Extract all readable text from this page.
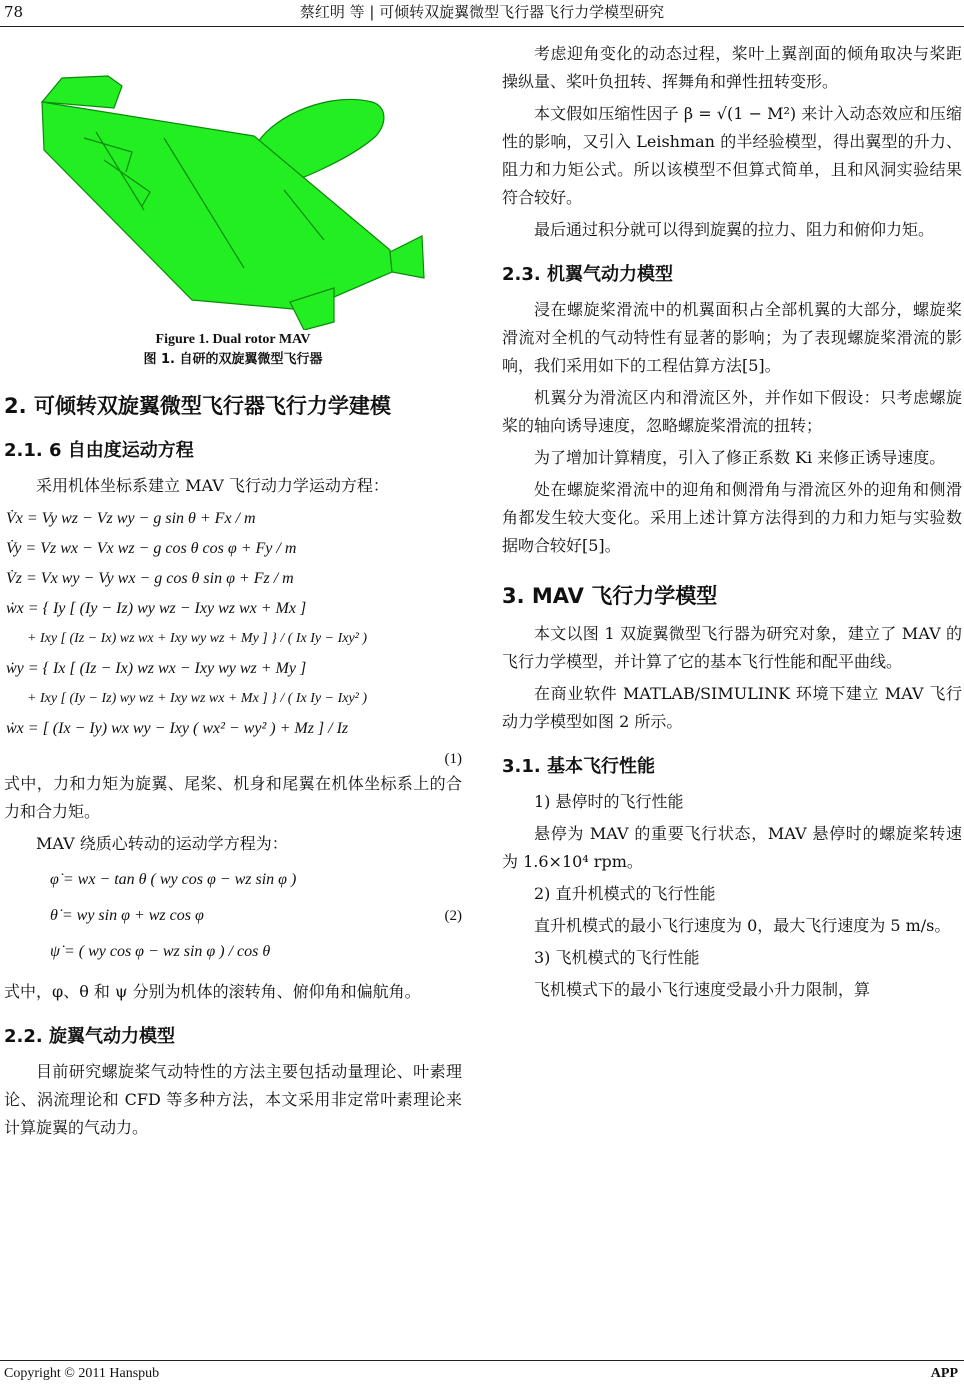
78	蔡红明 等 | 可倾转双旋翼微型飞行器飞行力学模型研究
Figure 1. Dual rotor MAV
图 1. 自研的双旋翼微型飞行器
2. 可倾转双旋翼微型飞行器飞行力学建模
2.1. 6 自由度运动方程

采用机体坐标系建立 MAV 飞行动力学运动方程：

V̇x = Vy wz − Vz wy − g sin θ + Fx / m
V̇y = Vz wx − Vx wz − g cos θ cos φ + Fy / m
V̇z = Vx wy − Vy wx − g cos θ sin φ + Fz / m
ẇx = { Iy [ (Iy − Iz) wy wz − Ixy wz wx + Mx ]
+ Ixy [ (Iz − Ix) wz wx + Ixy wy wz + My ] } / ( Ix Iy − Ixy² )
ẇy = { Ix [ (Iz − Ix) wz wx − Ixy wy wz + My ]
+ Ixy [ (Iy − Iz) wy wz + Ixy wz wx + Mx ] } / ( Ix Iy − Ixy² )
ẇx = [ (Ix − Iy) wx wy − Ixy ( wx² − wy² ) + Mz ] / Iz
(1)

式中，力和力矩为旋翼、尾桨、机身和尾翼在机体坐标系上的合力和合力矩。

MAV 绕质心转动的运动学方程为：

φ̇ = wx − tan θ ( wy cos φ − wz sin φ )
θ̇ = wy sin φ + wz cos φ
ψ̇ = ( wy cos φ − wz sin φ ) / cos θ
(2)

式中，φ、θ 和 ψ 分别为机体的滚转角、俯仰角和偏航角。

2.2. 旋翼气动力模型

目前研究螺旋桨气动特性的方法主要包括动量理论、叶素理论、涡流理论和 CFD 等多种方法，本文采用非定常叶素理论来计算旋翼的气动力。

考虑迎角变化的动态过程，桨叶上翼剖面的倾角取决与桨距操纵量、桨叶负扭转、挥舞角和弹性扭转变形。

本文假如压缩性因子 β = √(1 − M²) 来计入动态效应和压缩性的影响，又引入 Leishman 的半经验模型，得出翼型的升力、阻力和力矩公式。所以该模型不但算式简单，且和风洞实验结果符合较好。

最后通过积分就可以得到旋翼的拉力、阻力和俯仰力矩。

2.3. 机翼气动力模型

浸在螺旋桨滑流中的机翼面积占全部机翼的大部分，螺旋桨滑流对全机的气动特性有显著的影响；为了表现螺旋桨滑流的影响，我们采用如下的工程估算方法[5]。

机翼分为滑流区内和滑流区外，并作如下假设：只考虑螺旋桨的轴向诱导速度，忽略螺旋桨滑流的扭转；

为了增加计算精度，引入了修正系数 Ki 来修正诱导速度。

处在螺旋桨滑流中的迎角和侧滑角与滑流区外的迎角和侧滑角都发生较大变化。采用上述计算方法得到的力和力矩与实验数据吻合较好[5]。

3. MAV 飞行力学模型

本文以图 1 双旋翼微型飞行器为研究对象，建立了 MAV 的飞行力学模型，并计算了它的基本飞行性能和配平曲线。

在商业软件 MATLAB/SIMULINK 环境下建立 MAV 飞行动力学模型如图 2 所示。

3.1. 基本飞行性能

1) 悬停时的飞行性能

悬停为 MAV 的重要飞行状态，MAV 悬停时的螺旋桨转速为 1.6×10⁴ rpm。

2) 直升机模式的飞行性能

直升机模式的最小飞行速度为 0，最大飞行速度为 5 m/s。

3) 飞机模式的飞行性能

飞机模式下的最小飞行速度受最小升力限制，算

Copyright © 2011 Hanspub	APP
